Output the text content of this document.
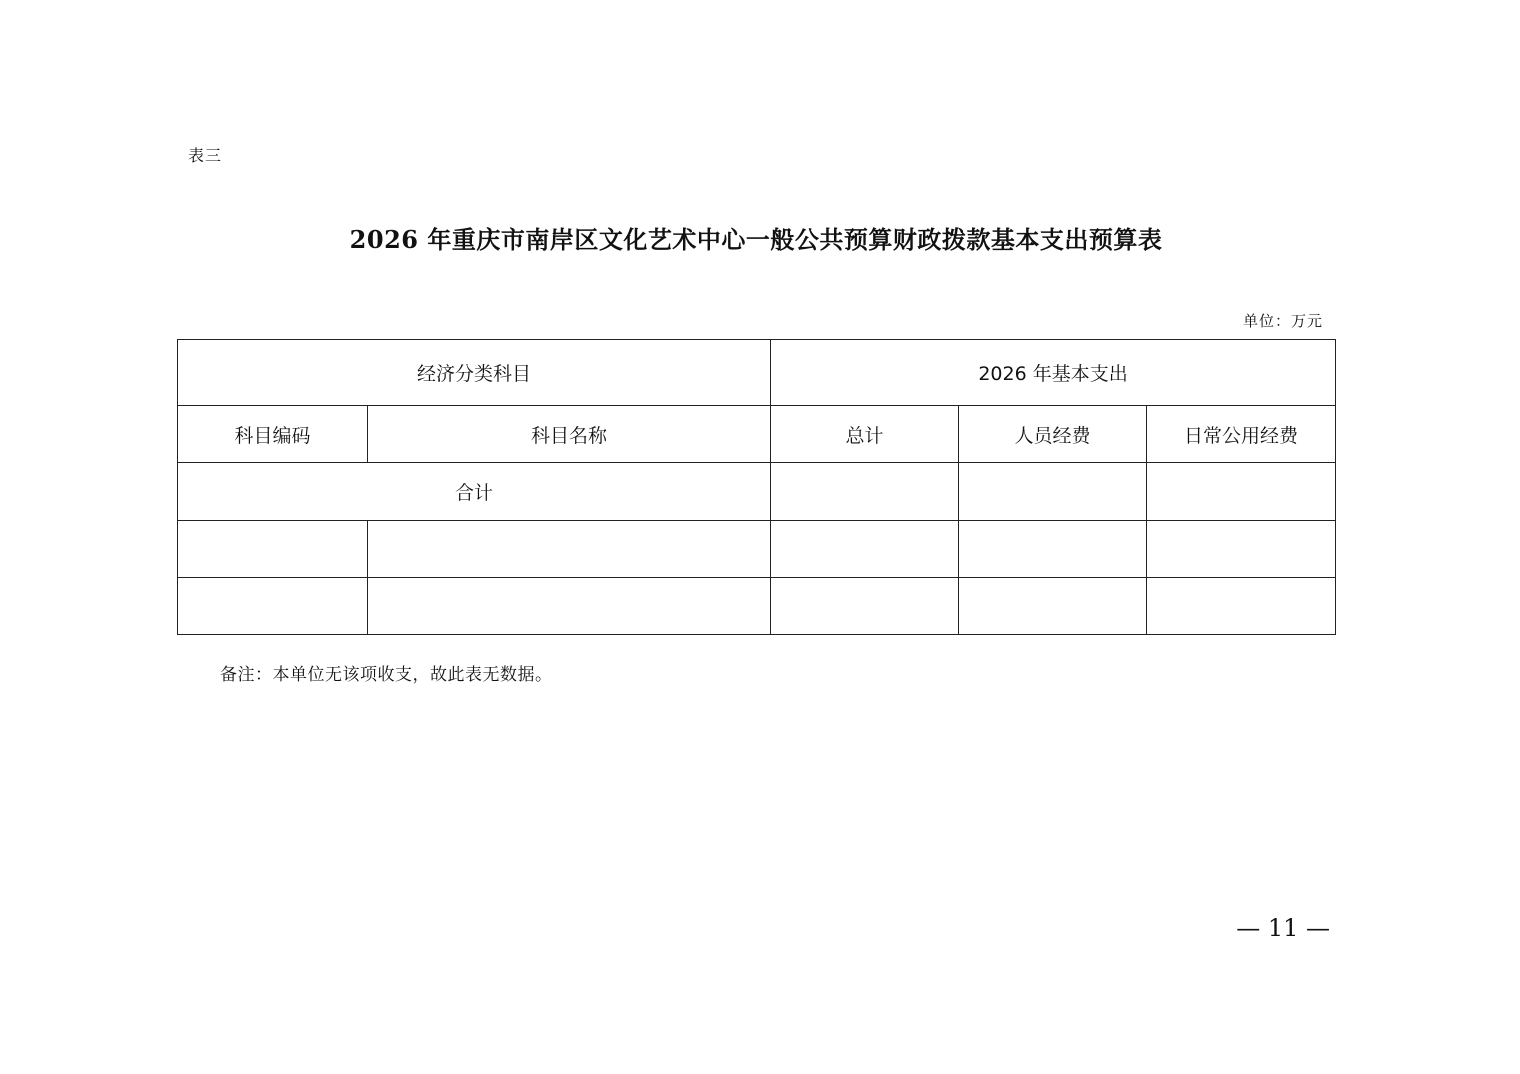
表三
2026 年重庆市南岸区文化艺术中心一般公共预算财政拨款基本支出预算表
单位：万元
经济分类科目		2026 年基本支出		
科目编码	科目名称	总计	人员经费	日常公用经费
合计				

备注：本单位无该项收支，故此表无数据。
— 11 —
